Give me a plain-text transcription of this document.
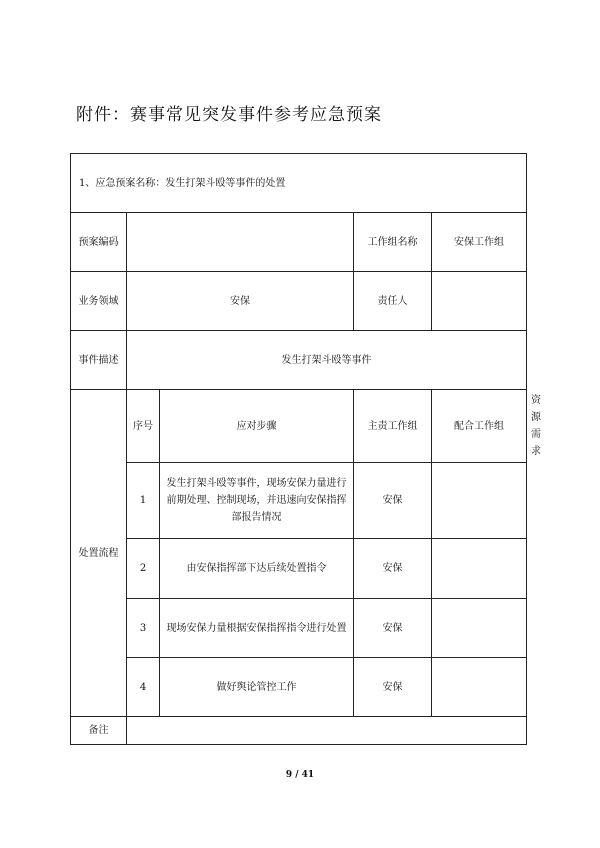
附件：赛事常见突发事件参考应急预案
1、应急预案名称：发生打架斗殴等事件的处置					
预案编码			工作组名称	安保工作组	
业务领域	安保		责任人		
事件描述	发生打架斗殴等事件				
处置流程	序号	应对步骤	主责工作组	配合工作组	资源需求
	1	发生打架斗殴等事件，现场安保力量进行前期处理、控制现场，并迅速向安保指挥部报告情况	安保		
	2	由安保指挥部下达后续处置指令	安保		
	3	现场安保力量根据安保指挥指令进行处置	安保		
	4	做好舆论管控工作	安保		
备注					
9 / 41
